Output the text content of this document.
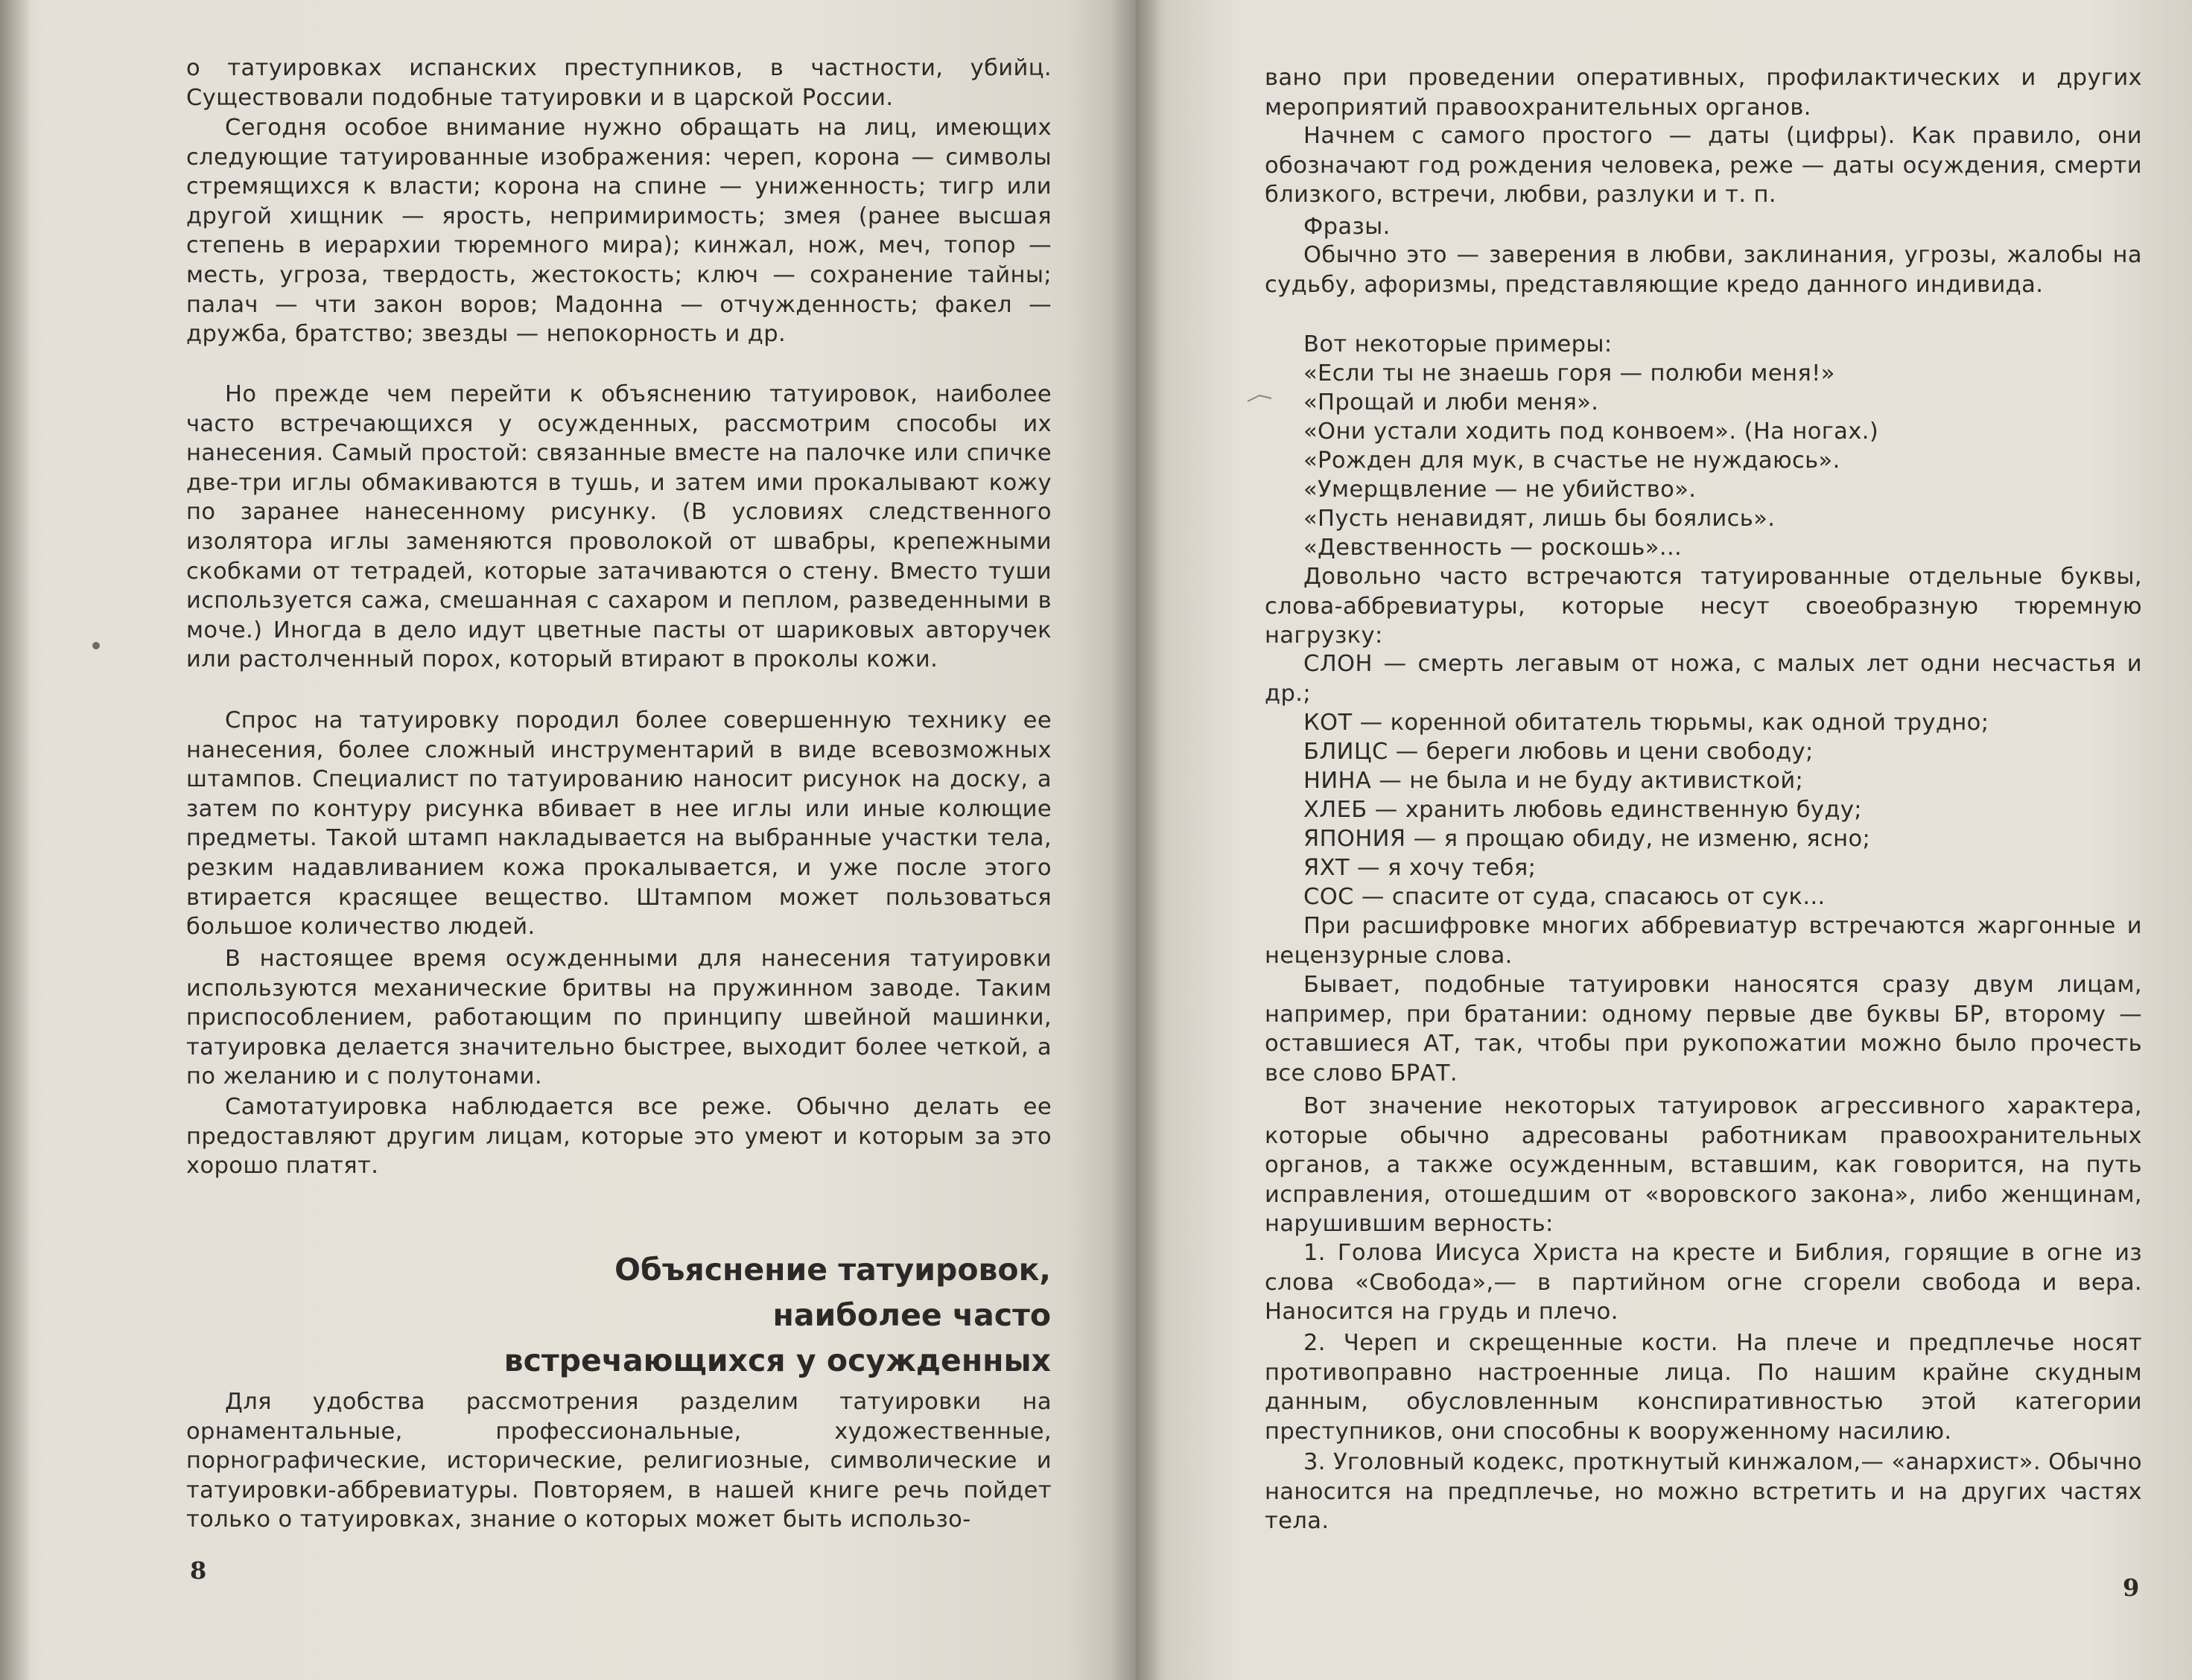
о татуировках испанских преступников, в частности, убийц. Существовали подобные татуировки и в царской России.

Сегодня особое внимание нужно обращать на лиц, имеющих следующие татуированные изображения: череп, корона — символы стремящихся к власти; корона на спине — униженность; тигр или другой хищник — ярость, непримиримость; змея (ранее высшая степень в иерархии тюремного мира); кинжал, нож, меч, топор — месть, угроза, твердость, жестокость; ключ — сохранение тайны; палач — чти закон воров; Мадонна — отчужденность; факел — дружба, братство; звезды — непокорность и др.

Но прежде чем перейти к объяснению татуировок, наиболее часто встречающихся у осужденных, рассмотрим способы их нанесения. Самый простой: связанные вместе на палочке или спичке две-три иглы обмакиваются в тушь, и затем ими прокалывают кожу по заранее нанесенному рисунку. (В условиях следственного изолятора иглы заменяются проволокой от швабры, крепежными скобками от тетрадей, которые затачиваются о стену. Вместо туши используется сажа, смешанная с сахаром и пеплом, разведенными в моче.) Иногда в дело идут цветные пасты от шариковых авторучек или растолченный порох, который втирают в проколы кожи.

Спрос на татуировку породил более совершенную технику ее нанесения, более сложный инструментарий в виде всевозможных штампов. Специалист по татуированию наносит рисунок на доску, а затем по контуру рисунка вбивает в нее иглы или иные колющие предметы. Такой штамп накладывается на выбранные участки тела, резким надавливанием кожа прокалывается, и уже после этого втирается красящее вещество. Штампом может пользоваться большое количество людей.

В настоящее время осужденными для нанесения татуировки используются механические бритвы на пружинном заводе. Таким приспособлением, работающим по принципу швейной машинки, татуировка делается значительно быстрее, выходит более четкой, а по желанию и с полутонами.

Самотатуировка наблюдается все реже. Обычно делать ее предоставляют другим лицам, которые это умеют и которым за это хорошо платят.

Объяснение татуировок,
наиболее часто
встречающихся у осужденных

Для удобства рассмотрения разделим татуировки на орнаментальные, профессиональные, художественные, порнографические, исторические, религиозные, символические и татуировки-аббревиатуры. Повторяем, в нашей книге речь пойдет только о татуировках, знание о которых может быть использо-

8
9

вано при проведении оперативных, профилактических и других мероприятий правоохранительных органов.

Начнем с самого простого — даты (цифры). Как правило, они обозначают год рождения человека, реже — даты осуждения, смерти близкого, встречи, любви, разлуки и т. п.

Фразы.

Обычно это — заверения в любви, заклинания, угрозы, жалобы на судьбу, афоризмы, представляющие кредо данного индивида.

Вот некоторые примеры:

«Если ты не знаешь горя — полюби меня!»

«Прощай и люби меня».

«Они устали ходить под конвоем». (На ногах.)

«Рожден для мук, в счастье не нуждаюсь».

«Умерщвление — не убийство».

«Пусть ненавидят, лишь бы боялись».

«Девственность — роскошь»...

Довольно часто встречаются татуированные отдельные буквы, слова-аббревиатуры, которые несут своеобразную тюремную нагрузку:

СЛОН — смерть легавым от ножа, с малых лет одни несчастья и др.;

КОТ — коренной обитатель тюрьмы, как одной трудно;

БЛИЦС — береги любовь и цени свободу;

НИНА — не была и не буду активисткой;

ХЛЕБ — хранить любовь единственную буду;

ЯПОНИЯ — я прощаю обиду, не изменю, ясно;

ЯХТ — я хочу тебя;

СОС — спасите от суда, спасаюсь от сук...

При расшифровке многих аббревиатур встречаются жаргонные и нецензурные слова.

Бывает, подобные татуировки наносятся сразу двум лицам, например, при братании: одному первые две буквы БР, второму — оставшиеся АТ, так, чтобы при рукопожатии можно было прочесть все слово БРАТ.

Вот значение некоторых татуировок агрессивного характера, которые обычно адресованы работникам правоохранительных органов, а также осужденным, вставшим, как говорится, на путь исправления, отошедшим от «воровского закона», либо женщинам, нарушившим верность:

1. Голова Иисуса Христа на кресте и Библия, горящие в огне из слова «Свобода»,— в партийном огне сгорели свобода и вера. Наносится на грудь и плечо.

2. Череп и скрещенные кости. На плече и предплечье носят противоправно настроенные лица. По нашим крайне скудным данным, обусловленным конспиративностью этой категории преступников, они способны к вооруженному насилию.

3. Уголовный кодекс, проткнутый кинжалом,— «анархист». Обычно наносится на предплечье, но можно встретить и на других частях тела.
